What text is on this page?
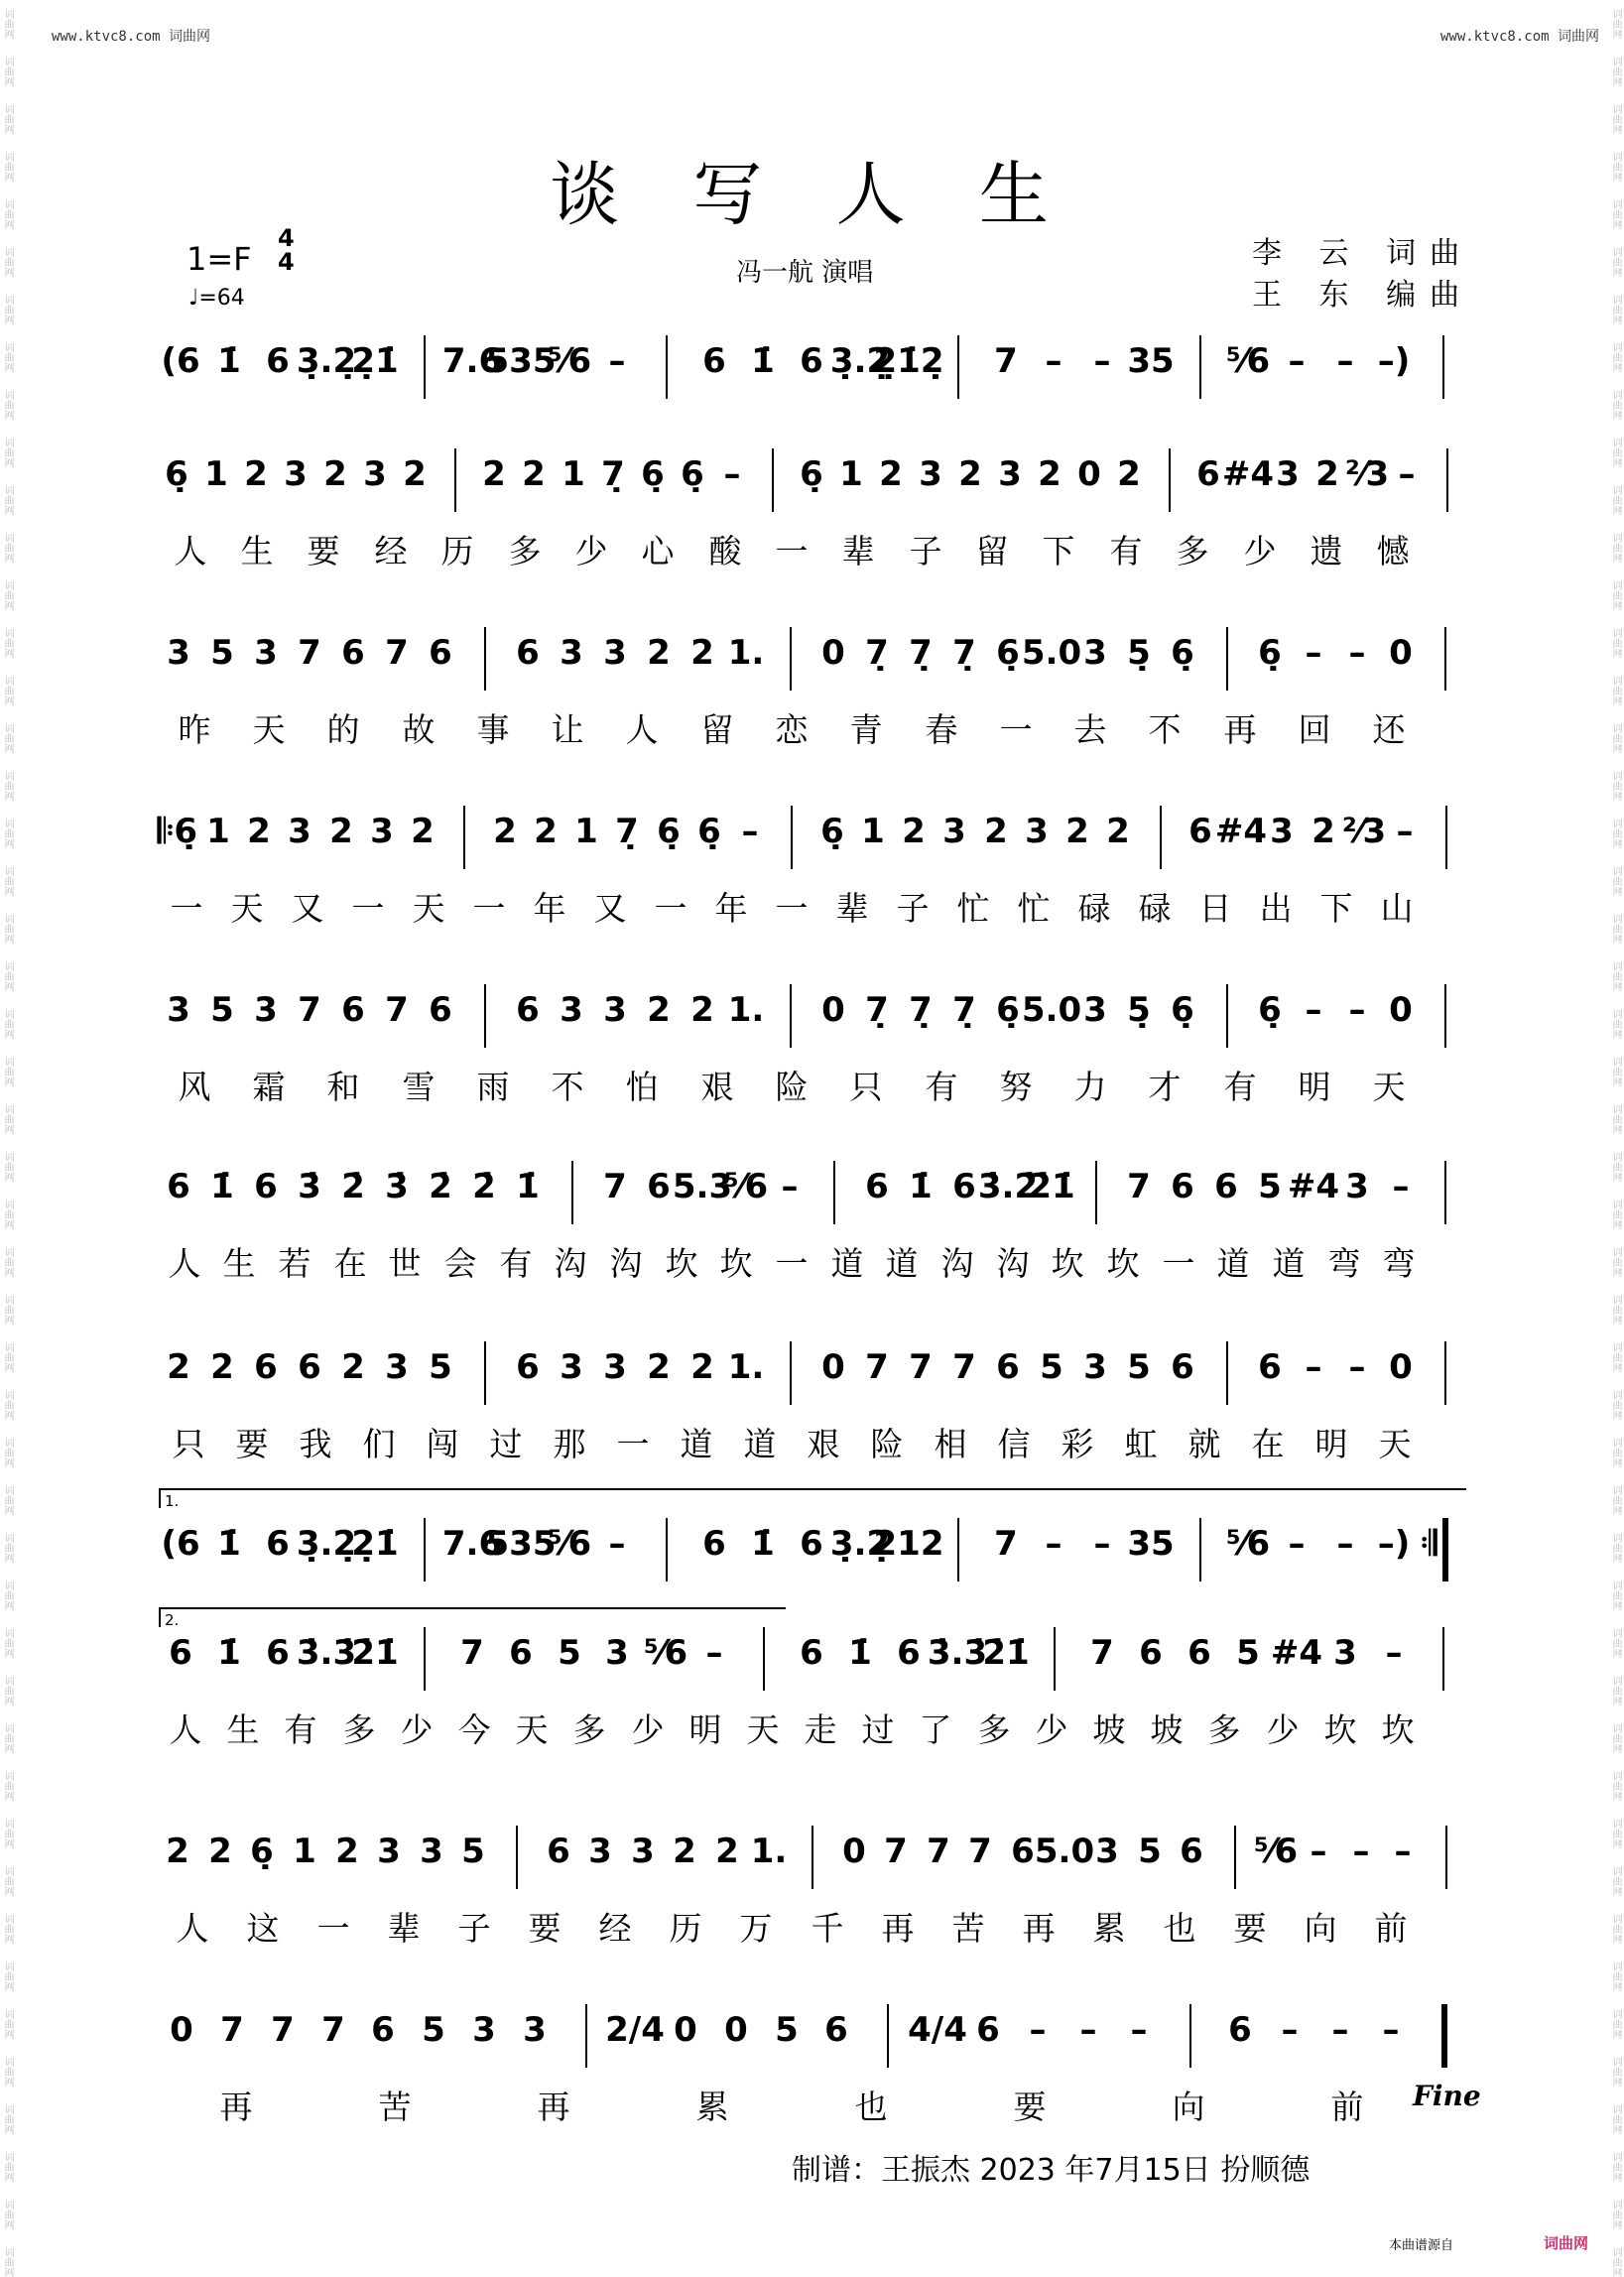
词曲网
词曲网
词曲网
词曲网
词曲网
词曲网
词曲网
词曲网
词曲网
词曲网
词曲网
词曲网
词曲网
词曲网
词曲网
词曲网
词曲网
词曲网
词曲网
词曲网
词曲网
词曲网
词曲网
词曲网
词曲网
词曲网
词曲网
词曲网
词曲网
词曲网
词曲网
词曲网
词曲网
词曲网
词曲网
词曲网
词曲网
词曲网
词曲网
词曲网
词曲网
词曲网
词曲网
词曲网
词曲网
词曲网
词曲网
词曲网
词曲网
词曲网
词曲网
词曲网
词曲网
词曲网
词曲网
词曲网
词曲网
词曲网
词曲网
词曲网
词曲网
词曲网
词曲网
词曲网
词曲网
词曲网
词曲网
词曲网
词曲网
词曲网
词曲网
词曲网
词曲网
词曲网
词曲网
词曲网
词曲网
词曲网
词曲网
词曲网
词曲网
词曲网
词曲网
词曲网
词曲网
词曲网
词曲网
词曲网
词曲网
词曲网
词曲网
词曲网
词曲网
词曲网
词曲网
词曲网
www.ktvc8.com 词曲网	www.ktvc8.com 词曲网
谈 写 人 生
1=F
4
4
♩=64
冯一航 演唱
李 云 词曲
王 东 编曲
(6 1̇ 6 3̣.2̣
2̣1̇ 7.6
535
⁵⁄6 – 6 1̇ 6 3̣.2̣
2̣1̇2̣ 7 – – 35 ⁵⁄6 – – –)
6̣ 1 2 3 2 3 2 2 2 1 7̣ 6̣ 6̣ – 6̣ 1 2 3 2 3 2 0 2 6 #4 3 2 ²⁄3 –
人 生 要 经 历 多 少 心 酸 一 辈 子 留 下 有 多 少 遗 憾
3 5 3 7 6 7 6 6 3 3 2 2 1. 0 7̣ 7̣ 7̣ 6̣ 5.0 3 5̣ 6̣ 6̣ – – 0
昨 天 的 故 事 让 人 留 恋 青 春 一 去 不 再 回 还
𝄆6̣ 1 2 3 2 3 2 2 2 1 7̣ 6̣ 6̣ – 6̣ 1 2 3 2 3 2 2 6 #4 3 2 ²⁄3 –
一 天 又 一 天 一 年 又 一 年 一 辈 子 忙 忙 碌 碌 日 出 下 山
3 5 3 7 6 7 6 6 3 3 2 2 1. 0 7̣ 7̣ 7̣ 6̣ 5.0 3 5̣ 6̣ 6̣ – – 0
风 霜 和 雪 雨 不 怕 艰 险 只 有 努 力 才 有 明 天
6 1̇ 6 3̇ 2̇ 3̇ 2̇ 2̇ 1̇ 7 6 5.3
⁵⁄6 – 6 1̇ 6 3̇.2̇
2̇1̇ 7 6 6 5 #4 3 –
人 生 若 在 世 会 有 沟 沟 坎 坎 一 道 道 沟 沟 坎 坎 一 道 道 弯 弯
2 2 6 6 2 3 5 6 3 3 2 2 1. 0 7 7 7 6 5 3 5 6 6 – – 0
只 要 我 们 闯 过 那 一 道 道 艰 险 相 信 彩 虹 就 在 明 天
(6 1̇ 6 3̣.2̣
2̣1̇ 7.6
535
⁵⁄6 – 6 1̇ 6 3̣.2̣
212 7 – – 35 ⁵⁄6 – – –) 𝄇
6 1̇ 6 3̇.3̇
2̇1̇ 7 6 5 3 ⁵⁄6 – 6 1̇ 6 3̇.3̇
2̇1̇ 7 6 6 5 #4 3 –
人 生 有 多 少 今 天 多 少 明 天 走 过 了 多 少 坡 坡 多 少 坎 坎
2 2 6̣ 1 2 3 3 5 6 3 3 2 2 1. 0 7 7 7 6 5.0 3 5 6 ⁵⁄6 – – –
人 这 一 辈 子 要 经 历 万 千 再 苦 再 累 也 要 向 前
0 7 7 7 6 5 3 3 2/4 0 0 5 6 4/4 6 – – – 6 – – –
再	苦	再	累	也	要	向	前
1.
2.
Fine
制谱：王振杰 2023 年7月15日 扮顺德
本曲谱源自	词曲网
